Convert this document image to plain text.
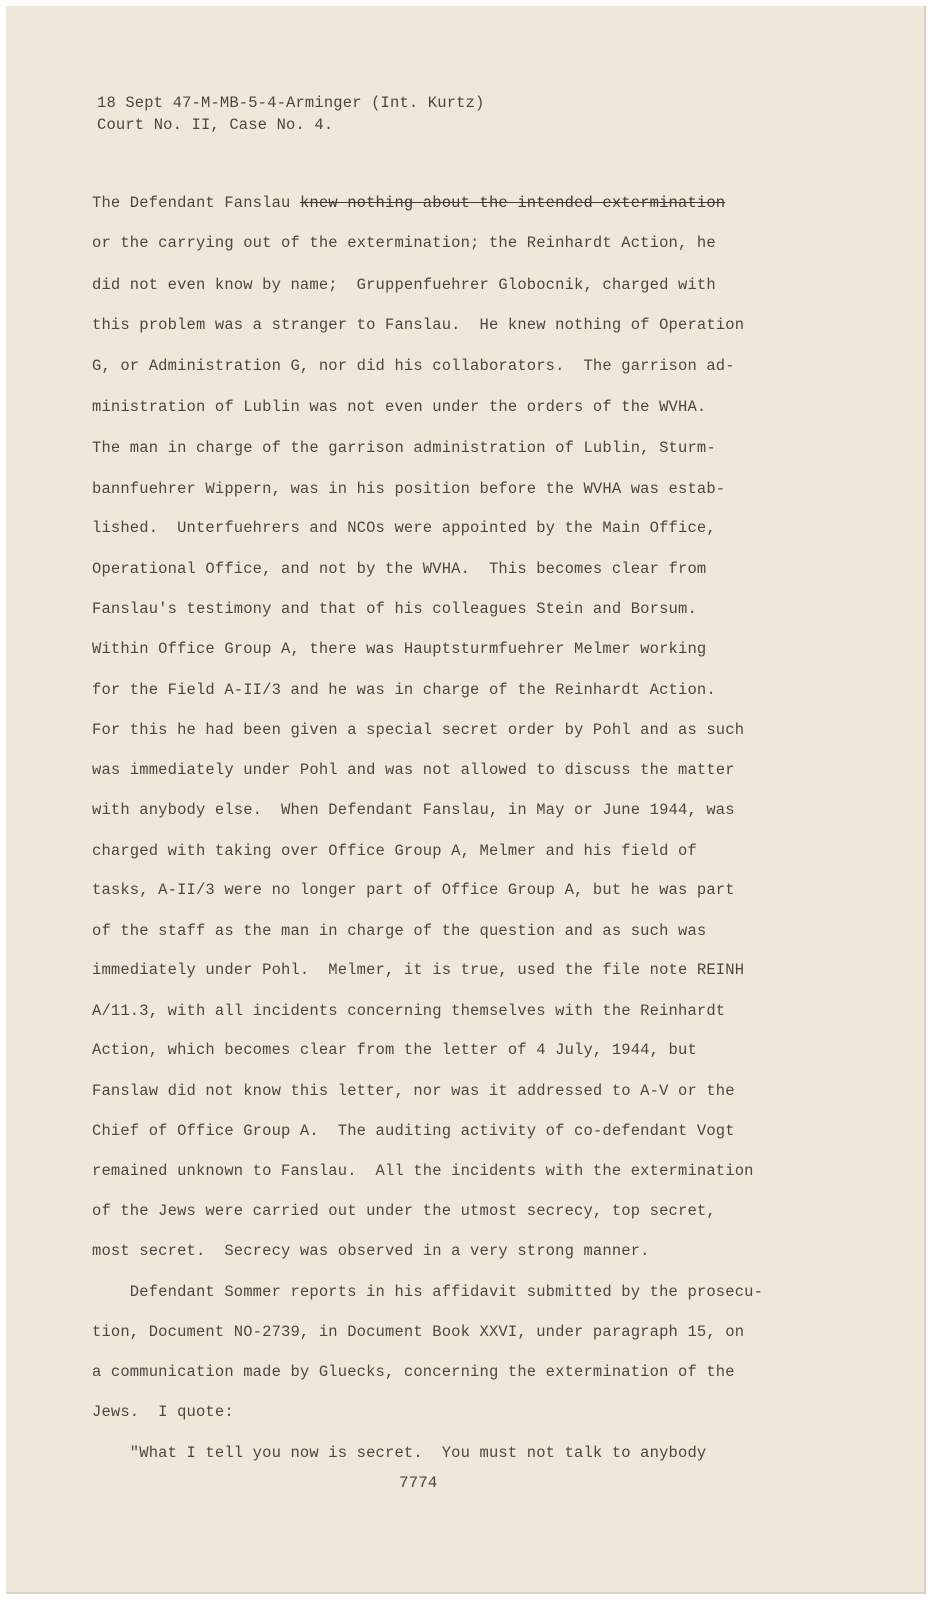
18 Sept 47-M-MB-5-4-Arminger (Int. Kurtz)
Court No. II, Case No. 4.
The Defendant Fanslau knew nothing about the intended extermination
or the carrying out of the extermination; the Reinhardt Action, he
did not even know by name;  Gruppenfuehrer Globocnik, charged with
this problem was a stranger to Fanslau.  He knew nothing of Operation
G, or Administration G, nor did his collaborators.  The garrison ad-
ministration of Lublin was not even under the orders of the WVHA.
The man in charge of the garrison administration of Lublin, Sturm-
bannfuehrer Wippern, was in his position before the WVHA was estab-
lished.  Unterfuehrers and NCOs were appointed by the Main Office,
Operational Office, and not by the WVHA.  This becomes clear from
Fanslau's testimony and that of his colleagues Stein and Borsum.
Within Office Group A, there was Hauptsturmfuehrer Melmer working
for the Field A-II/3 and he was in charge of the Reinhardt Action.
For this he had been given a special secret order by Pohl and as such
was immediately under Pohl and was not allowed to discuss the matter
with anybody else.  When Defendant Fanslau, in May or June 1944, was
charged with taking over Office Group A, Melmer and his field of
tasks, A-II/3 were no longer part of Office Group A, but he was part
of the staff as the man in charge of the question and as such was
immediately under Pohl.  Melmer, it is true, used the file note REINH
A/11.3, with all incidents concerning themselves with the Reinhardt
Action, which becomes clear from the letter of 4 July, 1944, but
Fanslaw did not know this letter, nor was it addressed to A-V or the
Chief of Office Group A.  The auditing activity of co-defendant Vogt
remained unknown to Fanslau.  All the incidents with the extermination
of the Jews were carried out under the utmost secrecy, top secret,
most secret.  Secrecy was observed in a very strong manner.
Defendant Sommer reports in his affidavit submitted by the prosecu-
tion, Document NO-2739, in Document Book XXVI, under paragraph 15, on
a communication made by Gluecks, concerning the extermination of the
Jews.  I quote:
"What I tell you now is secret.  You must not talk to anybody
7774
